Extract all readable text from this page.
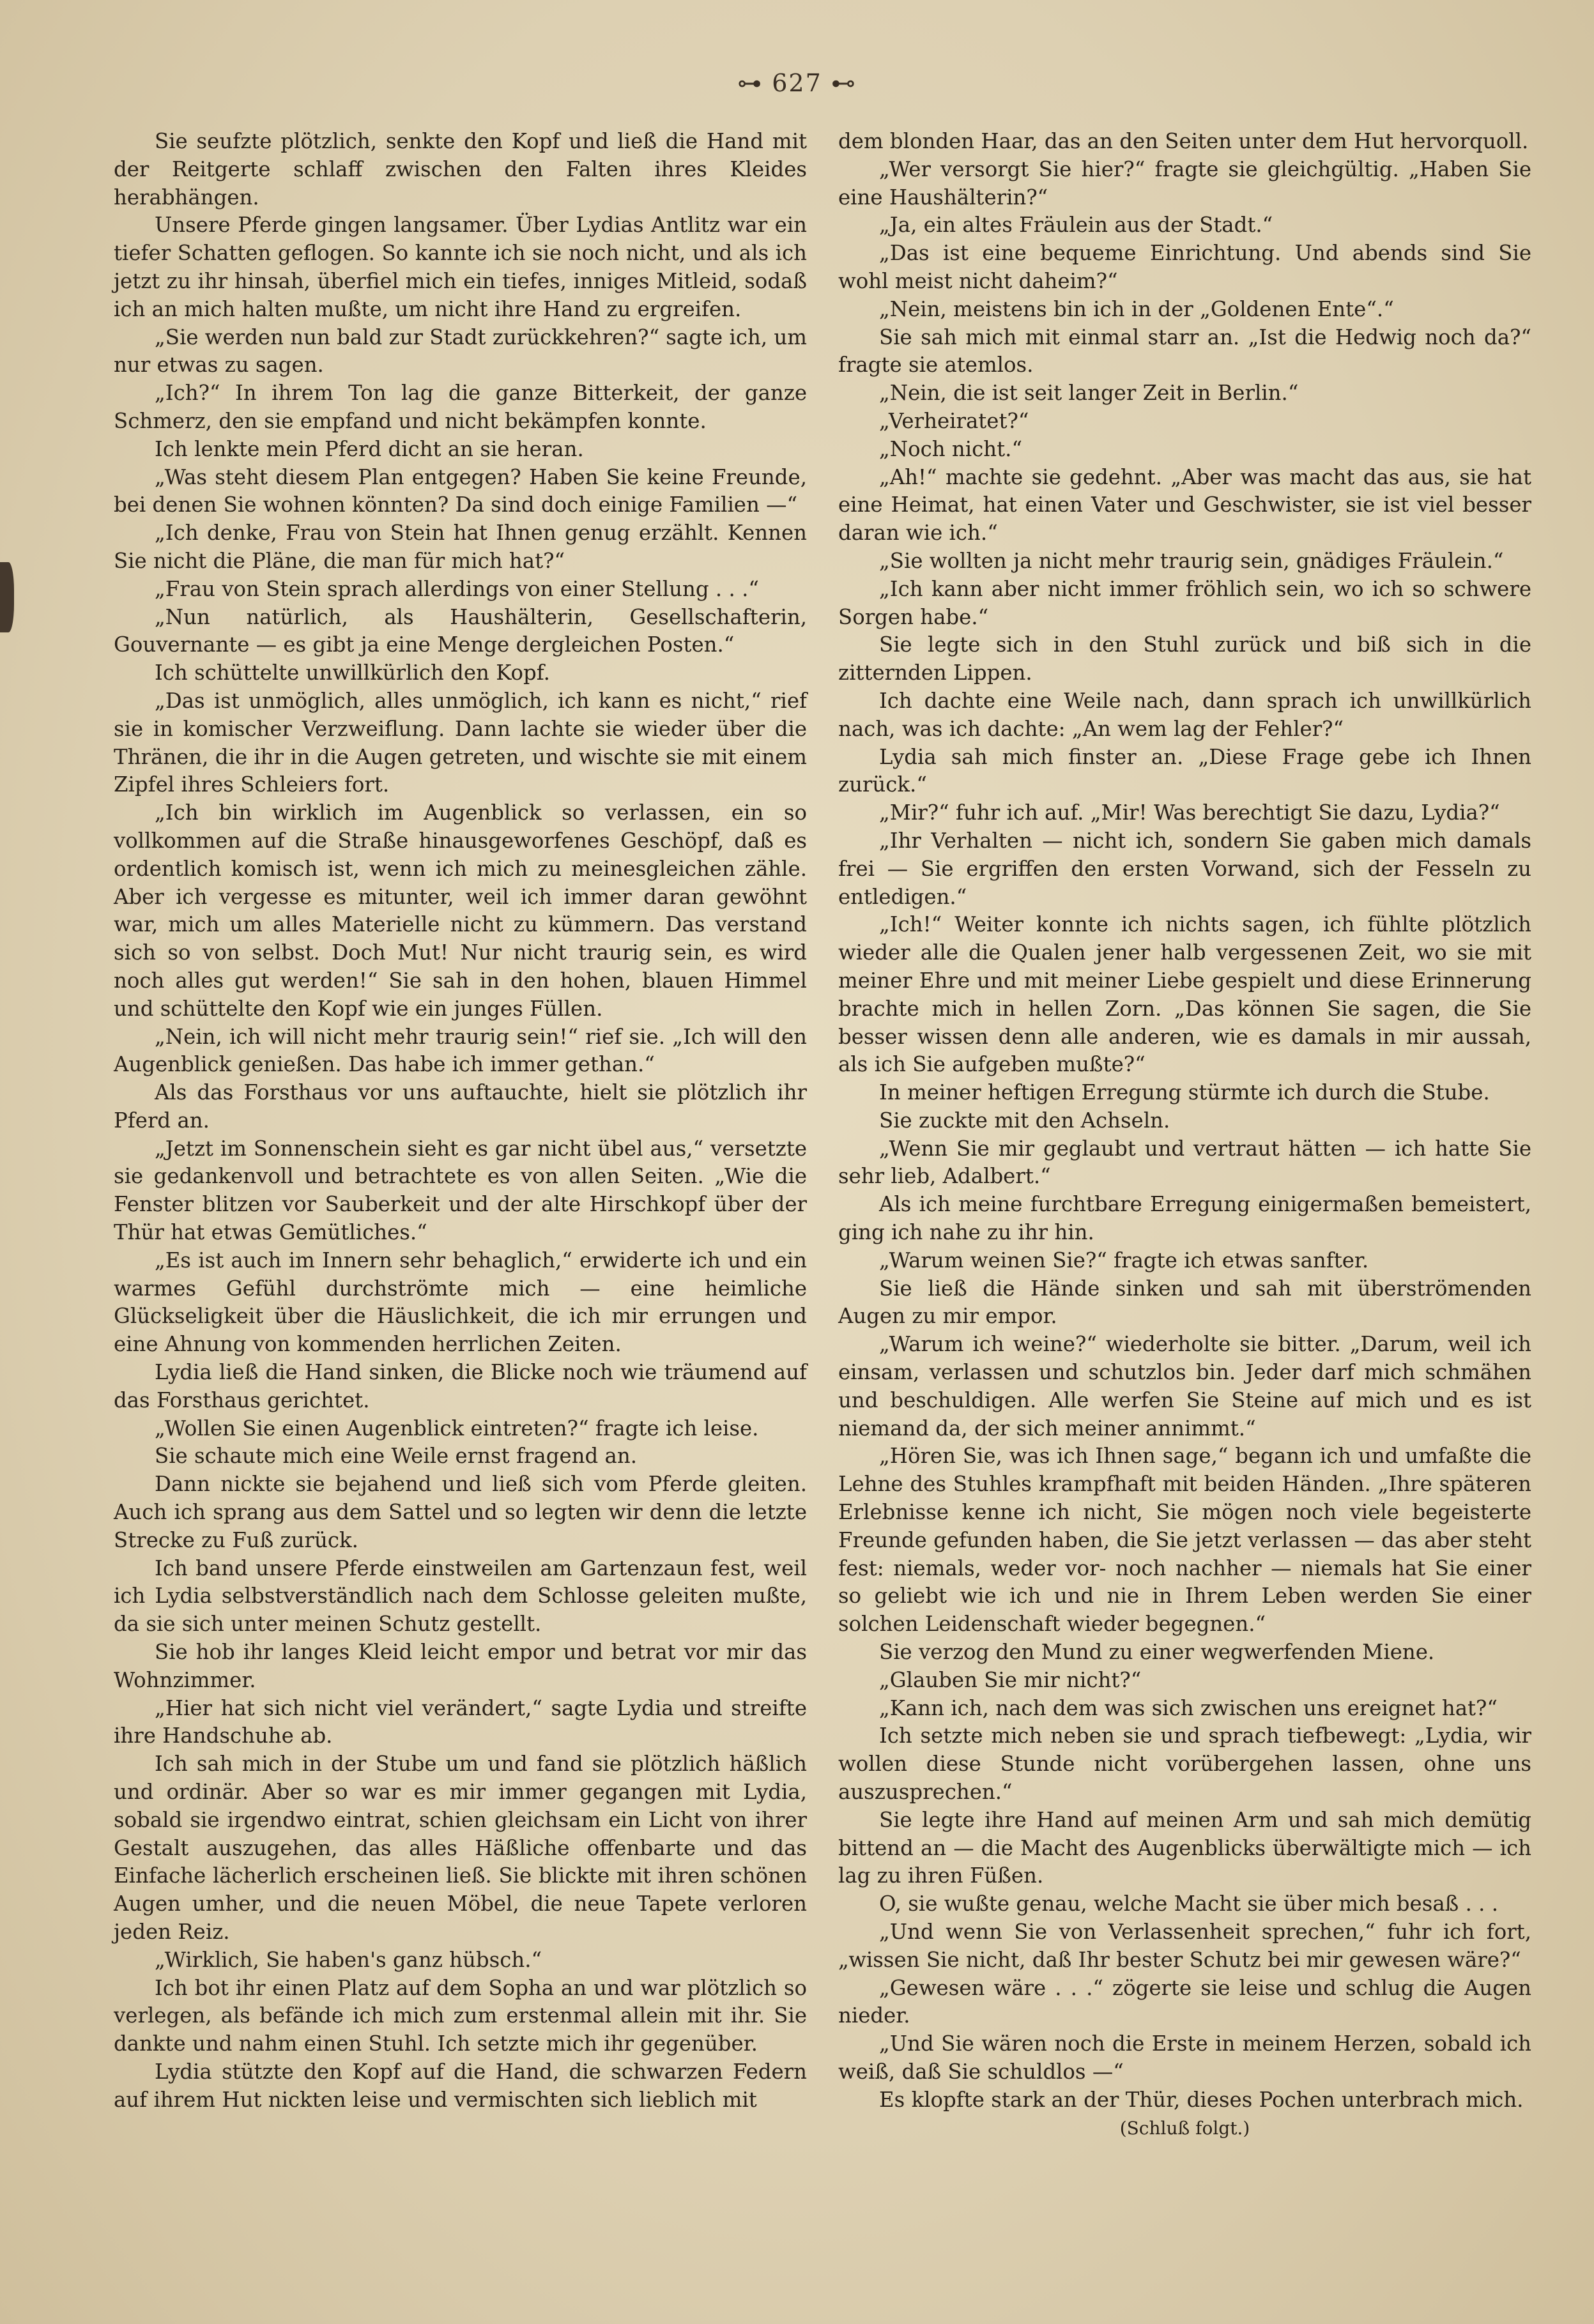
⊶ 627 ⊷

Sie seufzte plötzlich, senkte den Kopf und ließ die Hand mit der Reitgerte schlaff zwischen den Falten ihres Kleides herabhängen.

Unsere Pferde gingen langsamer. Über Lydias Antlitz war ein tiefer Schatten geflogen. So kannte ich sie noch nicht, und als ich jetzt zu ihr hinsah, überfiel mich ein tiefes, inniges Mitleid, sodaß ich an mich halten mußte, um nicht ihre Hand zu ergreifen.

„Sie werden nun bald zur Stadt zurückkehren?“ sagte ich, um nur etwas zu sagen.

„Ich?“ In ihrem Ton lag die ganze Bitterkeit, der ganze Schmerz, den sie empfand und nicht bekämpfen konnte.

Ich lenkte mein Pferd dicht an sie heran.

„Was steht diesem Plan entgegen? Haben Sie keine Freunde, bei denen Sie wohnen könnten? Da sind doch einige Familien —“

„Ich denke, Frau von Stein hat Ihnen genug erzählt. Kennen Sie nicht die Pläne, die man für mich hat?“

„Frau von Stein sprach allerdings von einer Stellung . . .“

„Nun natürlich, als Haushälterin, Gesellschafterin, Gouvernante — es gibt ja eine Menge dergleichen Posten.“

Ich schüttelte unwillkürlich den Kopf.

„Das ist unmöglich, alles unmöglich, ich kann es nicht,“ rief sie in komischer Verzweiflung. Dann lachte sie wieder über die Thränen, die ihr in die Augen getreten, und wischte sie mit einem Zipfel ihres Schleiers fort.

„Ich bin wirklich im Augenblick so verlassen, ein so vollkommen auf die Straße hinausgeworfenes Geschöpf, daß es ordentlich komisch ist, wenn ich mich zu meinesgleichen zähle. Aber ich vergesse es mitunter, weil ich immer daran gewöhnt war, mich um alles Materielle nicht zu kümmern. Das verstand sich so von selbst. Doch Mut! Nur nicht traurig sein, es wird noch alles gut werden!“ Sie sah in den hohen, blauen Himmel und schüttelte den Kopf wie ein junges Füllen.

„Nein, ich will nicht mehr traurig sein!“ rief sie. „Ich will den Augenblick genießen. Das habe ich immer gethan.“

Als das Forsthaus vor uns auftauchte, hielt sie plötzlich ihr Pferd an.

„Jetzt im Sonnenschein sieht es gar nicht übel aus,“ versetzte sie gedankenvoll und betrachtete es von allen Seiten. „Wie die Fenster blitzen vor Sauberkeit und der alte Hirschkopf über der Thür hat etwas Gemütliches.“

„Es ist auch im Innern sehr behaglich,“ erwiderte ich und ein warmes Gefühl durchströmte mich — eine heimliche Glückseligkeit über die Häuslichkeit, die ich mir errungen und eine Ahnung von kommenden herrlichen Zeiten.

Lydia ließ die Hand sinken, die Blicke noch wie träumend auf das Forsthaus gerichtet.

„Wollen Sie einen Augenblick eintreten?“ fragte ich leise.

Sie schaute mich eine Weile ernst fragend an.

Dann nickte sie bejahend und ließ sich vom Pferde gleiten. Auch ich sprang aus dem Sattel und so legten wir denn die letzte Strecke zu Fuß zurück.

Ich band unsere Pferde einstweilen am Gartenzaun fest, weil ich Lydia selbstverständlich nach dem Schlosse geleiten mußte, da sie sich unter meinen Schutz gestellt.

Sie hob ihr langes Kleid leicht empor und betrat vor mir das Wohnzimmer.

„Hier hat sich nicht viel verändert,“ sagte Lydia und streifte ihre Handschuhe ab.

Ich sah mich in der Stube um und fand sie plötzlich häßlich und ordinär. Aber so war es mir immer gegangen mit Lydia, sobald sie irgendwo eintrat, schien gleichsam ein Licht von ihrer Gestalt auszugehen, das alles Häßliche offenbarte und das Einfache lächerlich erscheinen ließ. Sie blickte mit ihren schönen Augen umher, und die neuen Möbel, die neue Tapete verloren jeden Reiz.

„Wirklich, Sie haben's ganz hübsch.“

Ich bot ihr einen Platz auf dem Sopha an und war plötzlich so verlegen, als befände ich mich zum erstenmal allein mit ihr. Sie dankte und nahm einen Stuhl. Ich setzte mich ihr gegenüber.

Lydia stützte den Kopf auf die Hand, die schwarzen Federn auf ihrem Hut nickten leise und vermischten sich lieblich mit

dem blonden Haar, das an den Seiten unter dem Hut hervorquoll.

„Wer versorgt Sie hier?“ fragte sie gleichgültig. „Haben Sie eine Haushälterin?“

„Ja, ein altes Fräulein aus der Stadt.“

„Das ist eine bequeme Einrichtung. Und abends sind Sie wohl meist nicht daheim?“

„Nein, meistens bin ich in der „Goldenen Ente“.“

Sie sah mich mit einmal starr an. „Ist die Hedwig noch da?“ fragte sie atemlos.

„Nein, die ist seit langer Zeit in Berlin.“

„Verheiratet?“

„Noch nicht.“

„Ah!“ machte sie gedehnt. „Aber was macht das aus, sie hat eine Heimat, hat einen Vater und Geschwister, sie ist viel besser daran wie ich.“

„Sie wollten ja nicht mehr traurig sein, gnädiges Fräulein.“

„Ich kann aber nicht immer fröhlich sein, wo ich so schwere Sorgen habe.“

Sie legte sich in den Stuhl zurück und biß sich in die zitternden Lippen.

Ich dachte eine Weile nach, dann sprach ich unwillkürlich nach, was ich dachte: „An wem lag der Fehler?“

Lydia sah mich finster an. „Diese Frage gebe ich Ihnen zurück.“

„Mir?“ fuhr ich auf. „Mir! Was berechtigt Sie dazu, Lydia?“

„Ihr Verhalten — nicht ich, sondern Sie gaben mich damals frei — Sie ergriffen den ersten Vorwand, sich der Fesseln zu entledigen.“

„Ich!“ Weiter konnte ich nichts sagen, ich fühlte plötzlich wieder alle die Qualen jener halb vergessenen Zeit, wo sie mit meiner Ehre und mit meiner Liebe gespielt und diese Erinnerung brachte mich in hellen Zorn. „Das können Sie sagen, die Sie besser wissen denn alle anderen, wie es damals in mir aussah, als ich Sie aufgeben mußte?“

In meiner heftigen Erregung stürmte ich durch die Stube.

Sie zuckte mit den Achseln.

„Wenn Sie mir geglaubt und vertraut hätten — ich hatte Sie sehr lieb, Adalbert.“

Als ich meine furchtbare Erregung einigermaßen bemeistert, ging ich nahe zu ihr hin.

„Warum weinen Sie?“ fragte ich etwas sanfter.

Sie ließ die Hände sinken und sah mit überströmenden Augen zu mir empor.

„Warum ich weine?“ wiederholte sie bitter. „Darum, weil ich einsam, verlassen und schutzlos bin. Jeder darf mich schmähen und beschuldigen. Alle werfen Sie Steine auf mich und es ist niemand da, der sich meiner annimmt.“

„Hören Sie, was ich Ihnen sage,“ begann ich und umfaßte die Lehne des Stuhles krampfhaft mit beiden Händen. „Ihre späteren Erlebnisse kenne ich nicht, Sie mögen noch viele begeisterte Freunde gefunden haben, die Sie jetzt verlassen — das aber steht fest: niemals, weder vor- noch nachher — niemals hat Sie einer so geliebt wie ich und nie in Ihrem Leben werden Sie einer solchen Leidenschaft wieder begegnen.“

Sie verzog den Mund zu einer wegwerfenden Miene.

„Glauben Sie mir nicht?“

„Kann ich, nach dem was sich zwischen uns ereignet hat?“

Ich setzte mich neben sie und sprach tiefbewegt: „Lydia, wir wollen diese Stunde nicht vorübergehen lassen, ohne uns auszusprechen.“

Sie legte ihre Hand auf meinen Arm und sah mich demütig bittend an — die Macht des Augenblicks überwältigte mich — ich lag zu ihren Füßen.

O, sie wußte genau, welche Macht sie über mich besaß . . .

„Und wenn Sie von Verlassenheit sprechen,“ fuhr ich fort, „wissen Sie nicht, daß Ihr bester Schutz bei mir gewesen wäre?“

„Gewesen wäre . . .“ zögerte sie leise und schlug die Augen nieder.

„Und Sie wären noch die Erste in meinem Herzen, sobald ich weiß, daß Sie schuldlos —“

Es klopfte stark an der Thür, dieses Pochen unterbrach mich.

(Schluß folgt.)
